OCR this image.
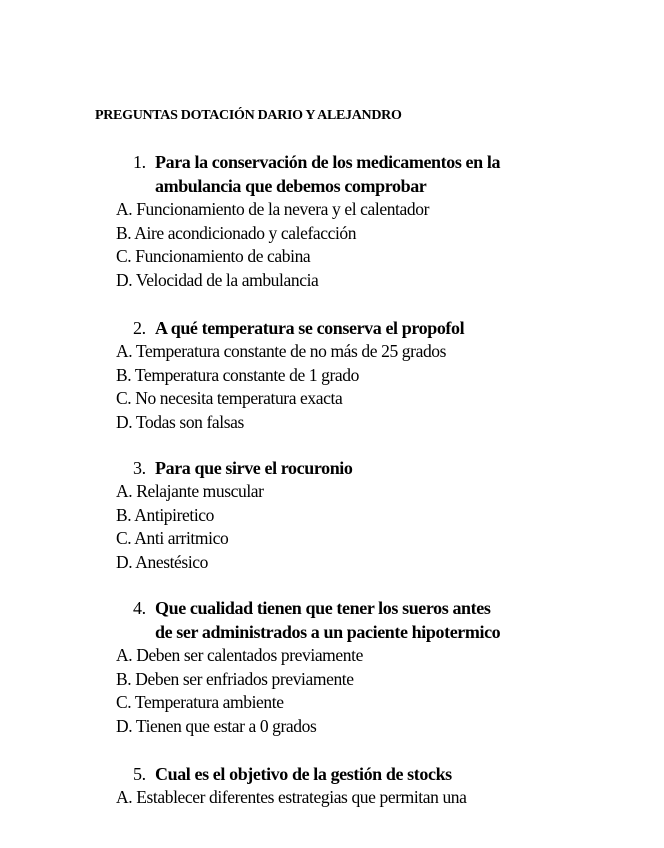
PREGUNTAS DOTACIÓN DARIO Y ALEJANDRO
1. Para la conservación de los medicamentos en la
ambulancia que debemos comprobar
A. Funcionamiento de la nevera y el calentador
B. Aire acondicionado y calefacción
C. Funcionamiento de cabina
D. Velocidad de la ambulancia
2. A qué temperatura se conserva el propofol
A. Temperatura constante de no más de 25 grados
B. Temperatura constante de 1 grado
C. No necesita temperatura exacta
D. Todas son falsas
3. Para que sirve el rocuronio
A. Relajante muscular
B. Antipiretico
C. Anti arritmico
D. Anestésico
4. Que cualidad tienen que tener los sueros antes
de ser administrados a un paciente hipotermico
A. Deben ser calentados previamente
B. Deben ser enfriados previamente
C. Temperatura ambiente
D. Tienen que estar a 0 grados
5. Cual es el objetivo de la gestión de stocks
A. Establecer diferentes estrategias que permitan una
